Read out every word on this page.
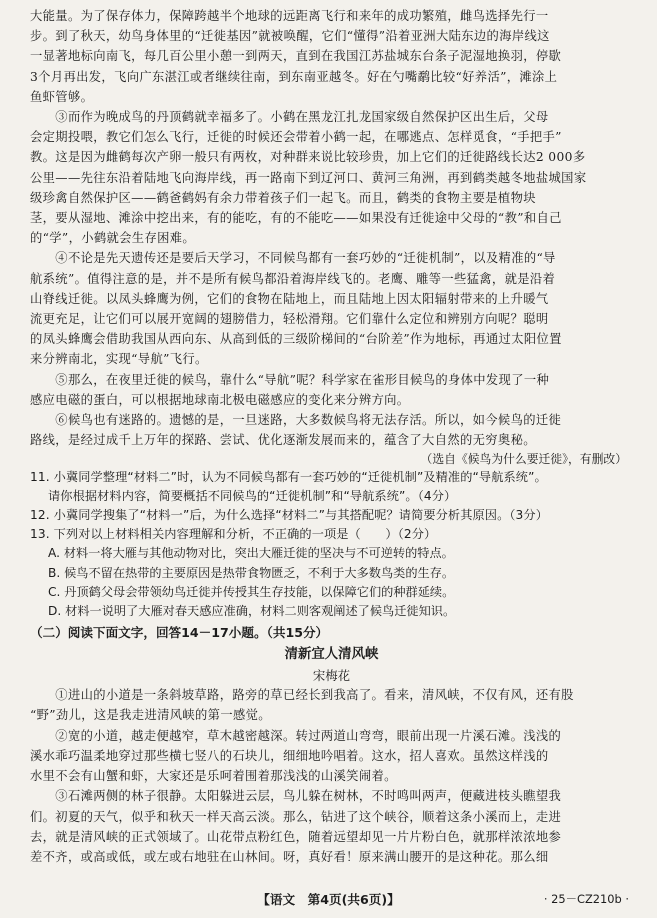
大能量。为了保存体力，保障跨越半个地球的远距离飞行和来年的成功繁殖，雌鸟选择先行一
步。到了秋天，幼鸟身体里的“迁徙基因”就被唤醒，它们“懂得”沿着亚洲大陆东边的海岸线这
一显著地标向南飞，每几百公里小憩一到两天，直到在我国江苏盐城东台条子泥湿地换羽，停歇
3个月再出发，飞向广东湛江或者继续往南，到东南亚越冬。好在勺嘴鹬比较“好养活”，滩涂上
鱼虾管够。
　　③而作为晚成鸟的丹顶鹤就幸福多了。小鹤在黑龙江扎龙国家级自然保护区出生后，父母
会定期投喂，教它们怎么飞行，迁徙的时候还会带着小鹤一起，在哪逃点、怎样觅食，“手把手”
教。这是因为雌鹤每次产卵一般只有两枚，对种群来说比较珍贵，加上它们的迁徙路线长达2 000多
公里——先往东沿着陆地飞向海岸线，再一路南下到辽河口、黄河三角洲，再到鹤类越冬地盐城国家
级珍禽自然保护区——鹤爸鹤妈有余力带着孩子们一起飞。而且，鹤类的食物主要是植物块
茎，要从湿地、滩涂中挖出来，有的能吃，有的不能吃——如果没有迁徙途中父母的“教”和自己
的“学”，小鹤就会生存困难。
　　④不论是先天遗传还是要后天学习，不同候鸟都有一套巧妙的“迁徙机制”，以及精准的“导
航系统”。值得注意的是，并不是所有候鸟都沿着海岸线飞的。老鹰、雕等一些猛禽，就是沿着
山脊线迁徙。以凤头蜂鹰为例，它们的食物在陆地上，而且陆地上因太阳辐射带来的上升暖气
流更充足，让它们可以展开宽阔的翅膀借力，轻松滑翔。它们靠什么定位和辨别方向呢？聪明
的凤头蜂鹰会借助我国从西向东、从高到低的三级阶梯间的“台阶差”作为地标，再通过太阳位置
来分辨南北，实现“导航”飞行。
　　⑤那么，在夜里迁徙的候鸟，靠什么“导航”呢？科学家在雀形目候鸟的身体中发现了一种
感应电磁的蛋白，可以根据地球南北极电磁感应的变化来分辨方向。
　　⑥候鸟也有迷路的。遗憾的是，一旦迷路，大多数候鸟将无法存活。所以，如今候鸟的迁徙
路线，是经过成千上万年的探路、尝试、优化逐渐发展而来的，蕴含了大自然的无穷奥秘。
（选自《候鸟为什么要迁徙》，有删改）
11. 小冀同学整理“材料二”时，认为不同候鸟都有一套巧妙的“迁徙机制”及精准的“导航系统”。
请你根据材料内容，简要概括不同候鸟的“迁徙机制”和“导航系统”。（4分）
12. 小冀同学搜集了“材料一”后，为什么选择“材料二”与其搭配呢？请简要分析其原因。（3分）
13. 下列对以上材料相关内容理解和分析，不正确的一项是（　　）（2分）
A. 材料一将大雁与其他动物对比，突出大雁迁徙的坚决与不可逆转的特点。
B. 候鸟不留在热带的主要原因是热带食物匮乏，不利于大多数鸟类的生存。
C. 丹顶鹤父母会带领幼鸟迁徙并传授其生存技能，以保障它们的种群延续。
D. 材料一说明了大雁对春天感应准确，材料二则客观阐述了候鸟迁徙知识。
（二）阅读下面文字，回答14－17小题。（共15分）
清新宜人清风峡
宋梅花
　　①进山的小道是一条斜坡草路，路旁的草已经长到我高了。看来，清风峡，不仅有风，还有股
“野”劲儿，这是我走进清风峡的第一感觉。
　　②宽的小道，越走便越窄，草木越密越深。转过两道山弯弯，眼前出现一片溪石滩。浅浅的
溪水乖巧温柔地穿过那些横七竖八的石块儿，细细地吟唱着。这水，招人喜欢。虽然这样浅的
水里不会有山蟹和虾，大家还是乐呵着围着那浅浅的山溪笑闹着。
　　③石滩两侧的林子很静。太阳躲进云层，鸟儿躲在树林，不时鸣叫两声，便藏进枝头瞧望我
们。初夏的天气，似乎和秋天一样天高云淡。那么，钻进了这个峡谷，顺着这条小溪而上，走进
去，就是清风峡的正式领域了。山花带点粉红色，随着远望却见一片片粉白色，就那样浓浓地参
差不齐，或高或低，或左或右地驻在山林间。呀，真好看！原来满山腰开的是这种花。那么细
【语文　第4页(共6页)】	· 25－CZ210b ·
